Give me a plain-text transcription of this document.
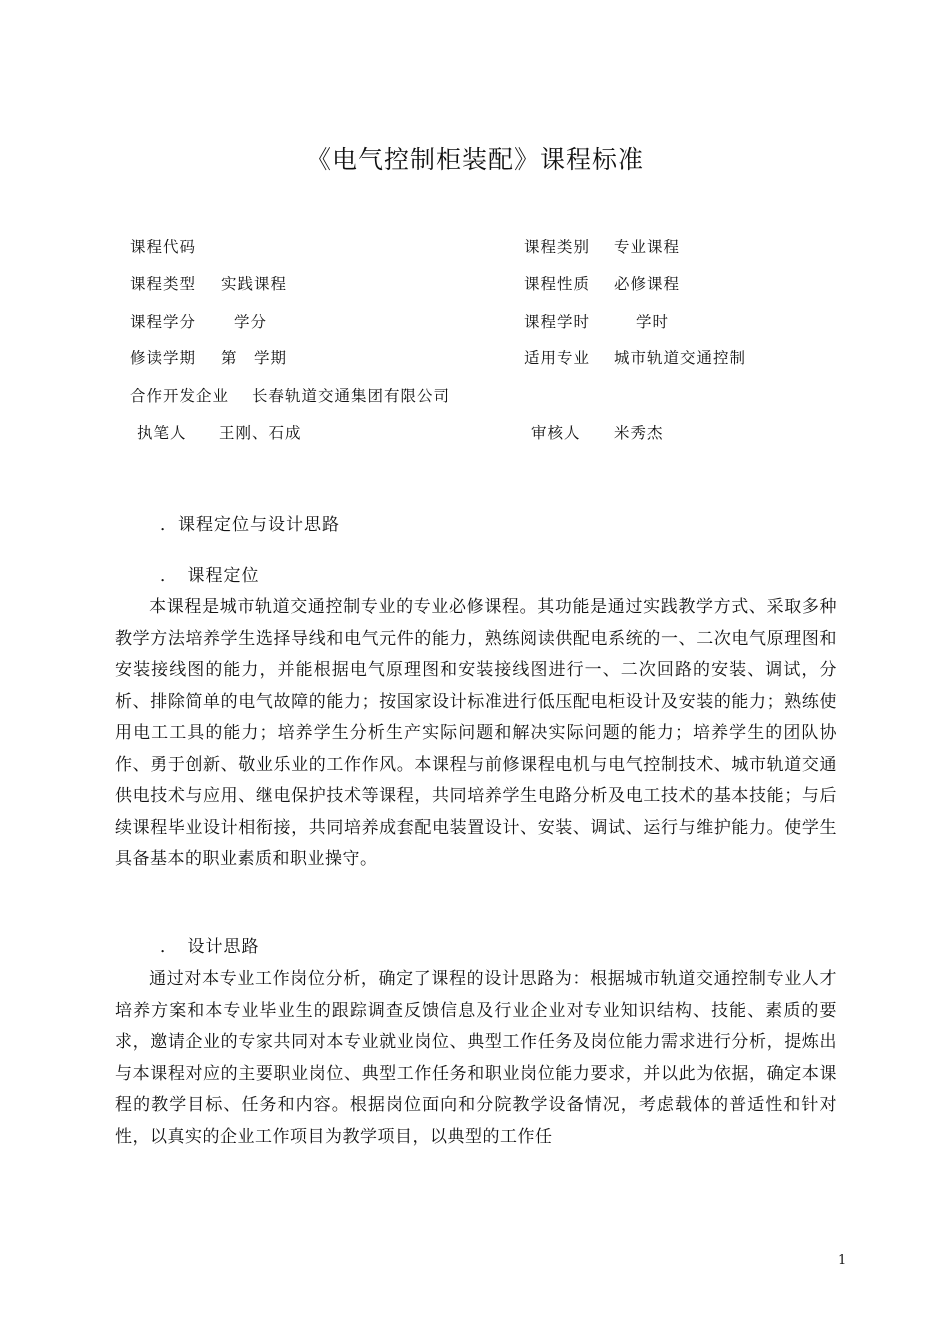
《电气控制柜装配》课程标准
课程代码	课程类别 专业课程
课程类型 实践课程	课程性质 必修课程
课程学分 学分	课程学时	学时
修读学期 第　学期	适用专业 城市轨道交通控制
合作开发企业 长春轨道交通集团有限公司
执笔人 王刚、石成	审核人 米秀杰
．课程定位与设计思路
．　课程定位
本课程是城市轨道交通控制专业的专业必修课程。其功能是通过实践教学方式、采取多种教学方法培养学生选择导线和电气元件的能力，熟练阅读供配电系统的一、二次电气原理图和安装接线图的能力，并能根据电气原理图和安装接线图进行一、二次回路的安装、调试，分析、排除简单的电气故障的能力；按国家设计标准进行低压配电柜设计及安装的能力；熟练使用电工工具的能力；培养学生分析生产实际问题和解决实际问题的能力；培养学生的团队协作、勇于创新、敬业乐业的工作作风。本课程与前修课程电机与电气控制技术、城市轨道交通供电技术与应用、继电保护技术等课程，共同培养学生电路分析及电工技术的基本技能；与后续课程毕业设计相衔接，共同培养成套配电装置设计、安装、调试、运行与维护能力。使学生具备基本的职业素质和职业操守。
．　设计思路
通过对本专业工作岗位分析，确定了课程的设计思路为：根据城市轨道交通控制专业人才培养方案和本专业毕业生的跟踪调查反馈信息及行业企业对专业知识结构、技能、素质的要求，邀请企业的专家共同对本专业就业岗位、典型工作任务及岗位能力需求进行分析，提炼出与本课程对应的主要职业岗位、典型工作任务和职业岗位能力要求，并以此为依据，确定本课程的教学目标、任务和内容。根据岗位面向和分院教学设备情况，考虑载体的普适性和针对性，以真实的企业工作项目为教学项目，以典型的工作任
1
